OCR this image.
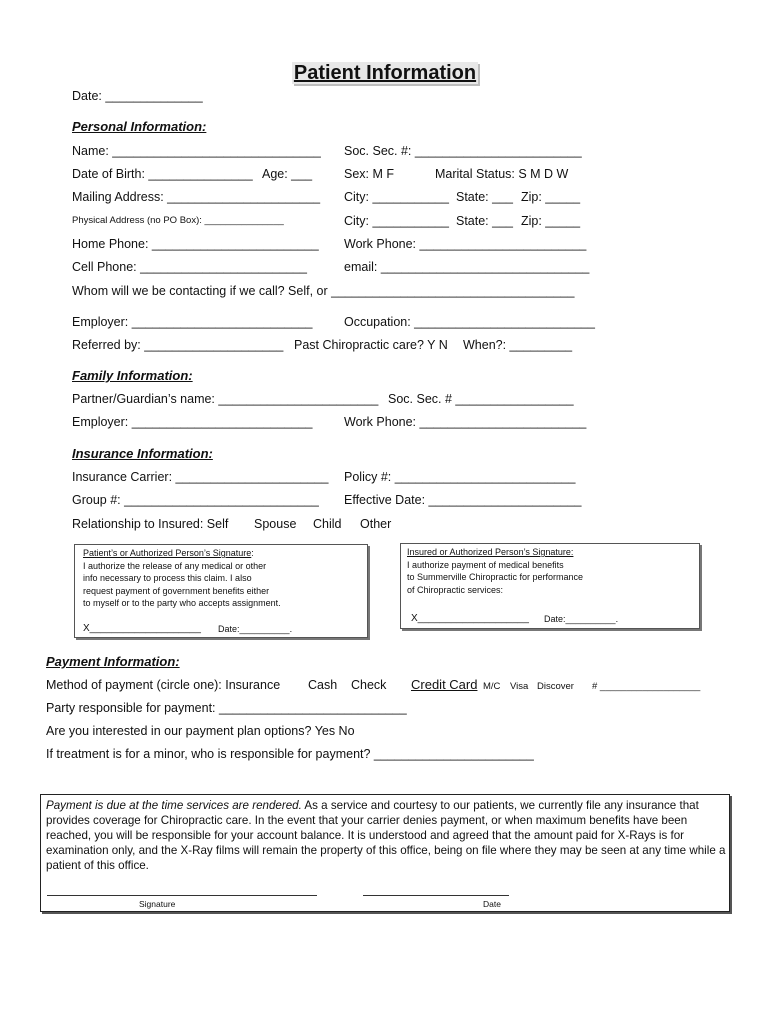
Patient Information
Date: ______________
Personal Information:
Name: ______________________________ Soc. Sec. #: ________________________
Date of Birth: _______________ Age: ___	Sex: M F	Marital Status: S M D W
Mailing Address: ______________________ City: ___________ State: ___ Zip: _____
Physical Address (no PO Box): _______________	City: ___________ State: ___ Zip: _____
Home Phone: ________________________ Work Phone: ________________________
Cell Phone: ________________________	email: ______________________________
Whom will we be contacting if we call? Self, or ___________________________________
Employer: __________________________	Occupation: __________________________
Referred by: ____________________ Past Chiropractic care? Y N When?: _________
Family Information:
Partner/Guardian’s name: _______________________ Soc. Sec. # _________________
Employer: __________________________	Work Phone: ________________________
Insurance Information:
Insurance Carrier: ______________________ Policy #: __________________________
Group #: ____________________________ Effective Date: ______________________
Relationship to Insured: Self Spouse Child Other
Patient’s or Authorized Person’s Signature:
I authorize the release of any medical or other
info necessary to process this claim. I also
request payment of government benefits either
to myself or to the party who accepts assignment.
X____________________ Date:__________.
Insured or Authorized Person’s Signature:
I authorize payment of medical benefits
to Summerville Chiropractic for performance
of Chiropractic services:
X____________________ Date:__________.
Payment Information:
Method of payment (circle one): Insurance Cash Check Credit Card M/C Visa Discover # ___________________
Party responsible for payment: ___________________________
Are you interested in our payment plan options? Yes No
If treatment is for a minor, who is responsible for payment? _______________________
Payment is due at the time services are rendered. As a service and courtesy to our patients, we currently file any insurance that provides coverage for Chiropractic care. In the event that your carrier denies payment, or when maximum benefits have been reached, you will be responsible for your account balance. It is understood and agreed that the amount paid for X-Rays is for examination only, and the X-Ray films will remain the property of this office, being on file where they may be seen at any time while a patient of this office.
Signature	Date
